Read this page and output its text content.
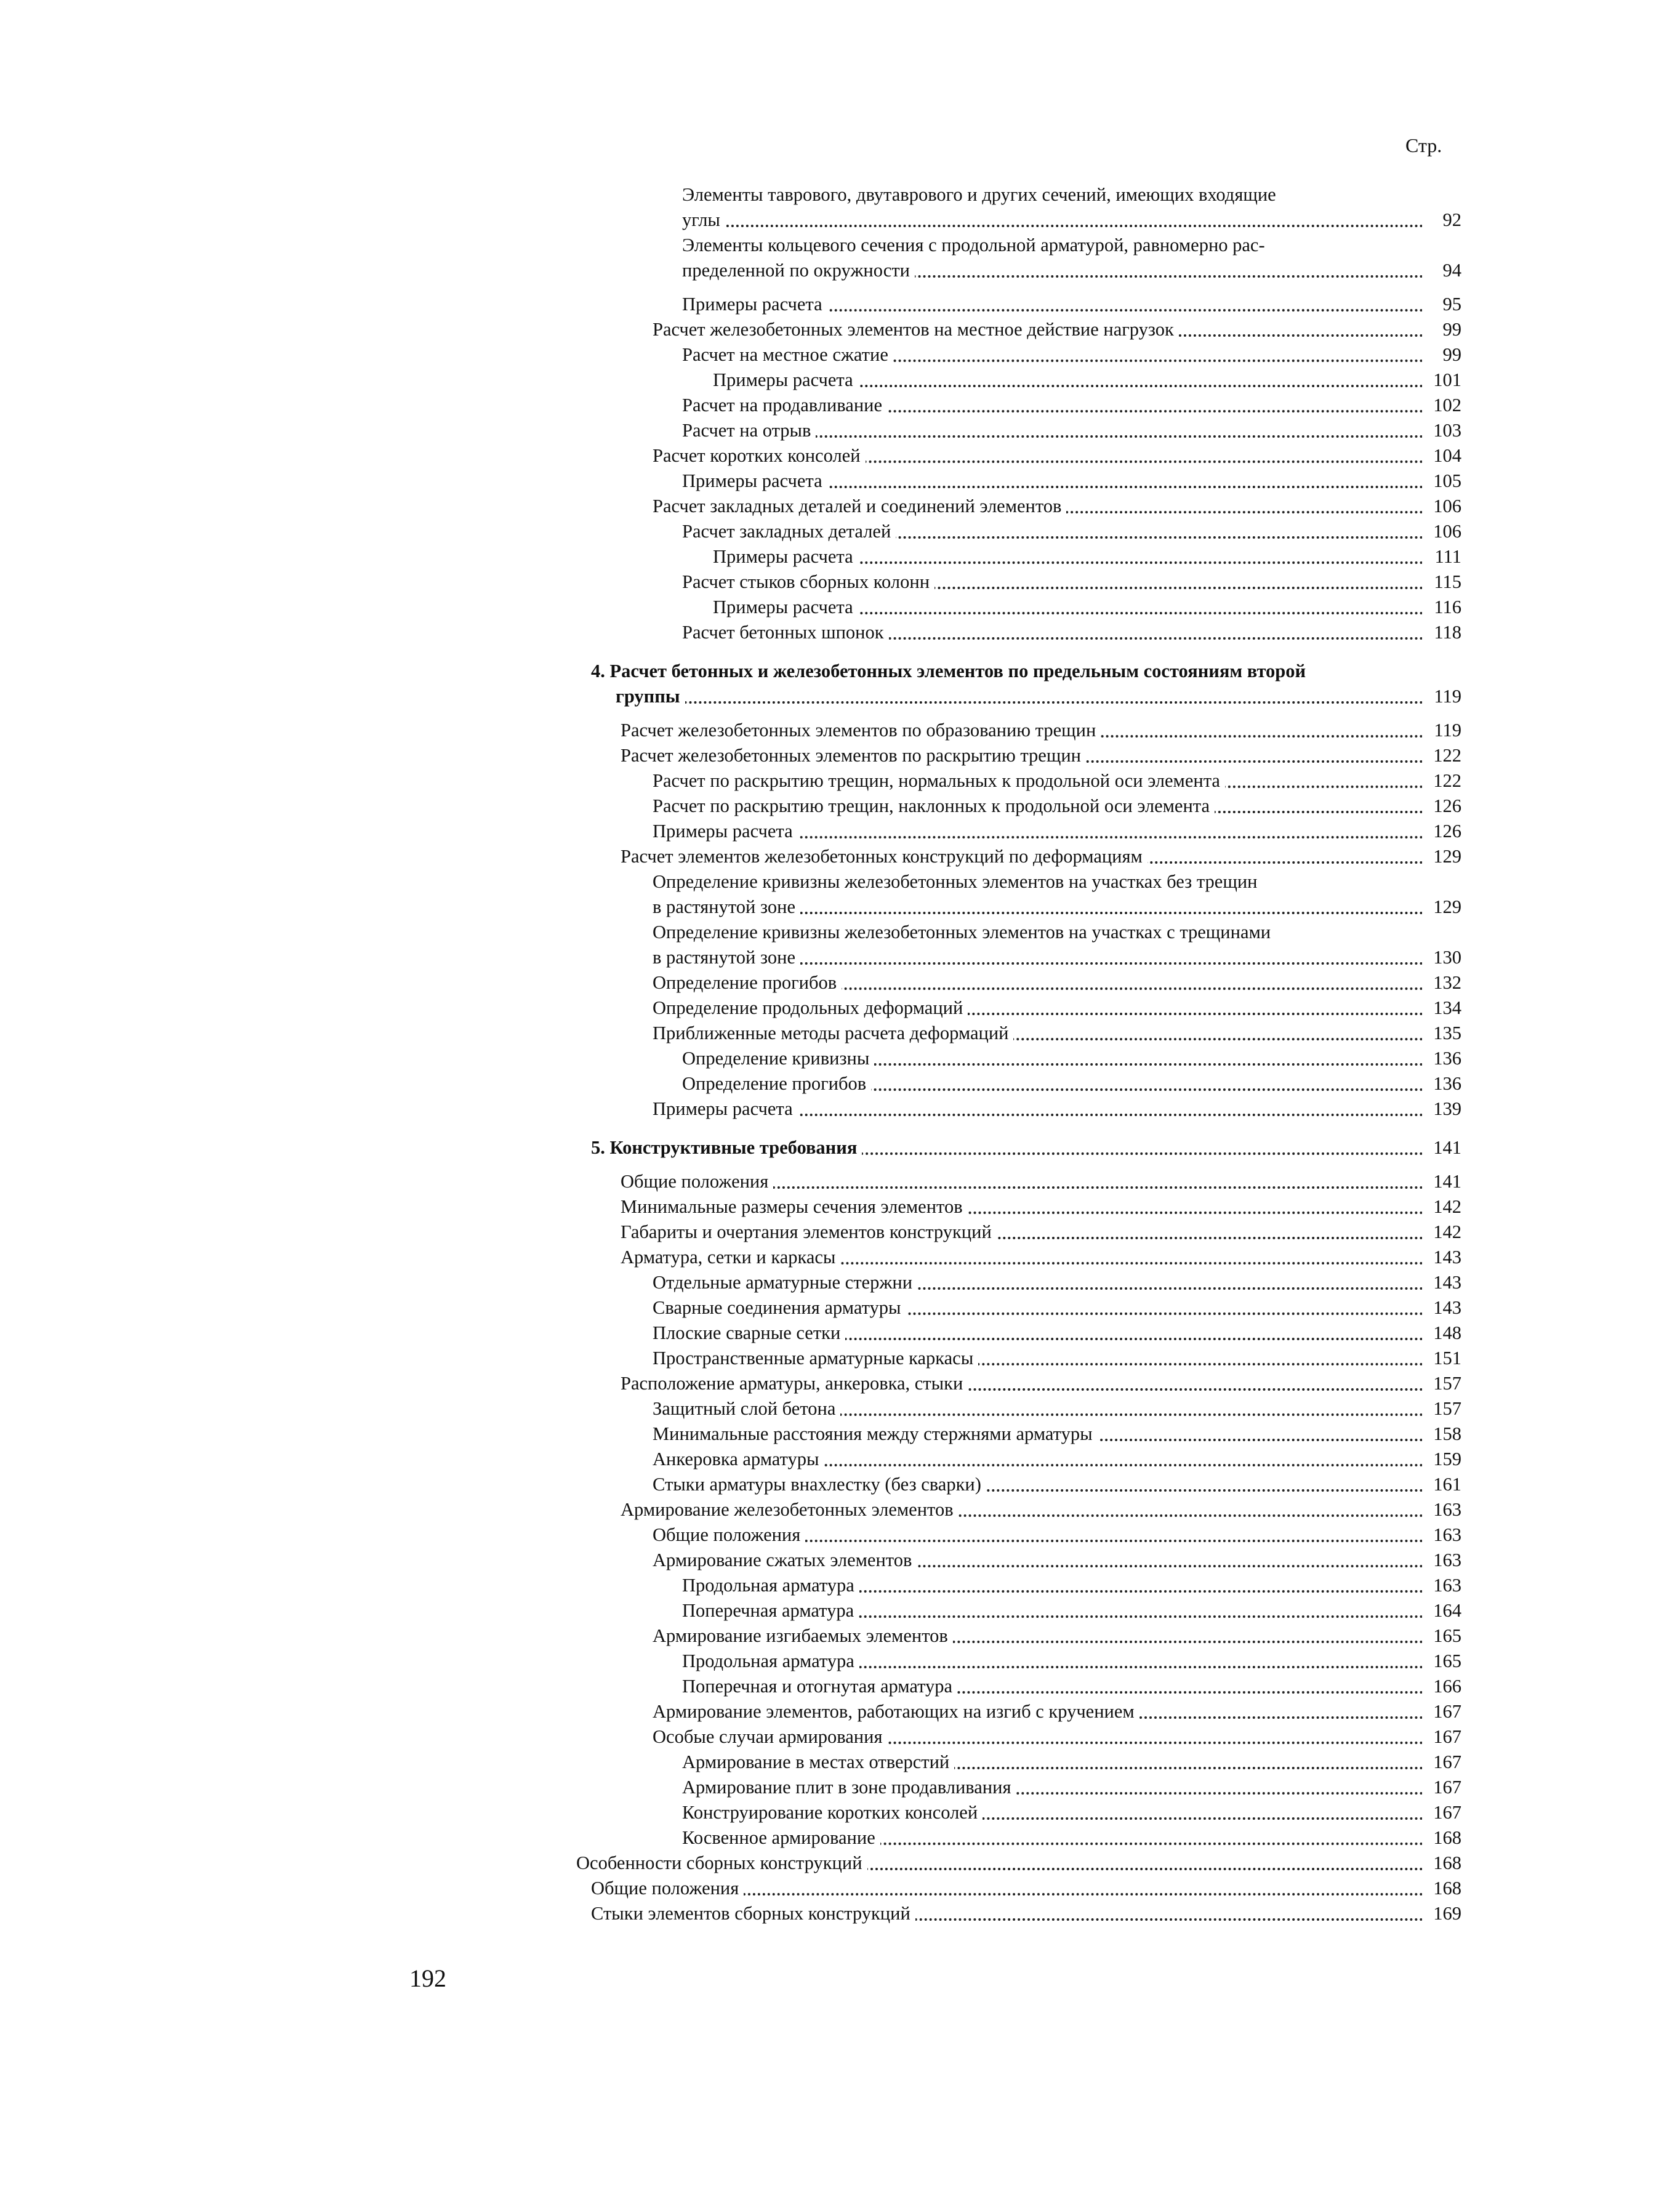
Стр.
Элементы таврового, двутаврового и других сечений, имеющих входящие
углы	92
Элементы кольцевого сечения с продольной арматурой, равномерно рас-
пределенной по окружности	94
Примеры расчета	95
Расчет железобетонных элементов на местное действие нагрузок	99
Расчет на местное сжатие	99
Примеры расчета	101
Расчет на продавливание	102
Расчет на отрыв	103
Расчет коротких консолей	104
Примеры расчета	105
Расчет закладных деталей и соединений элементов	106
Расчет закладных деталей	106
Примеры расчета	111
Расчет стыков сборных колонн	115
Примеры расчета	116
Расчет бетонных шпонок	118
4. Расчет бетонных и железобетонных элементов по предельным состояниям второй
группы	119
Расчет железобетонных элементов по образованию трещин	119
Расчет железобетонных элементов по раскрытию трещин	122
Расчет по раскрытию трещин, нормальных к продольной оси элемента	122
Расчет по раскрытию трещин, наклонных к продольной оси элемента	126
Примеры расчета	126
Расчет элементов железобетонных конструкций по деформациям	129
Определение кривизны железобетонных элементов на участках без трещин
в растянутой зоне	129
Определение кривизны железобетонных элементов на участках с трещинами
в растянутой зоне	130
Определение прогибов	132
Определение продольных деформаций	134
Приближенные методы расчета деформаций	135
Определение кривизны	136
Определение прогибов	136
Примеры расчета	139
5. Конструктивные требования	141
Общие положения	141
Минимальные размеры сечения элементов	142
Габариты и очертания элементов конструкций	142
Арматура, сетки и каркасы	143
Отдельные арматурные стержни	143
Сварные соединения арматуры	143
Плоские сварные сетки	148
Пространственные арматурные каркасы	151
Расположение арматуры, анкеровка, стыки	157
Защитный слой бетона	157
Минимальные расстояния между стержнями арматуры	158
Анкеровка арматуры	159
Стыки арматуры внахлестку (без сварки)	161
Армирование железобетонных элементов	163
Общие положения	163
Армирование сжатых элементов	163
Продольная арматура	163
Поперечная арматура	164
Армирование изгибаемых элементов	165
Продольная арматура	165
Поперечная и отогнутая арматура	166
Армирование элементов, работающих на изгиб с кручением	167
Особые случаи армирования	167
Армирование в местах отверстий	167
Армирование плит в зоне продавливания	167
Конструирование коротких консолей	167
Косвенное армирование	168
Особенности сборных конструкций	168
Общие положения	168
Стыки элементов сборных конструкций	169
192
